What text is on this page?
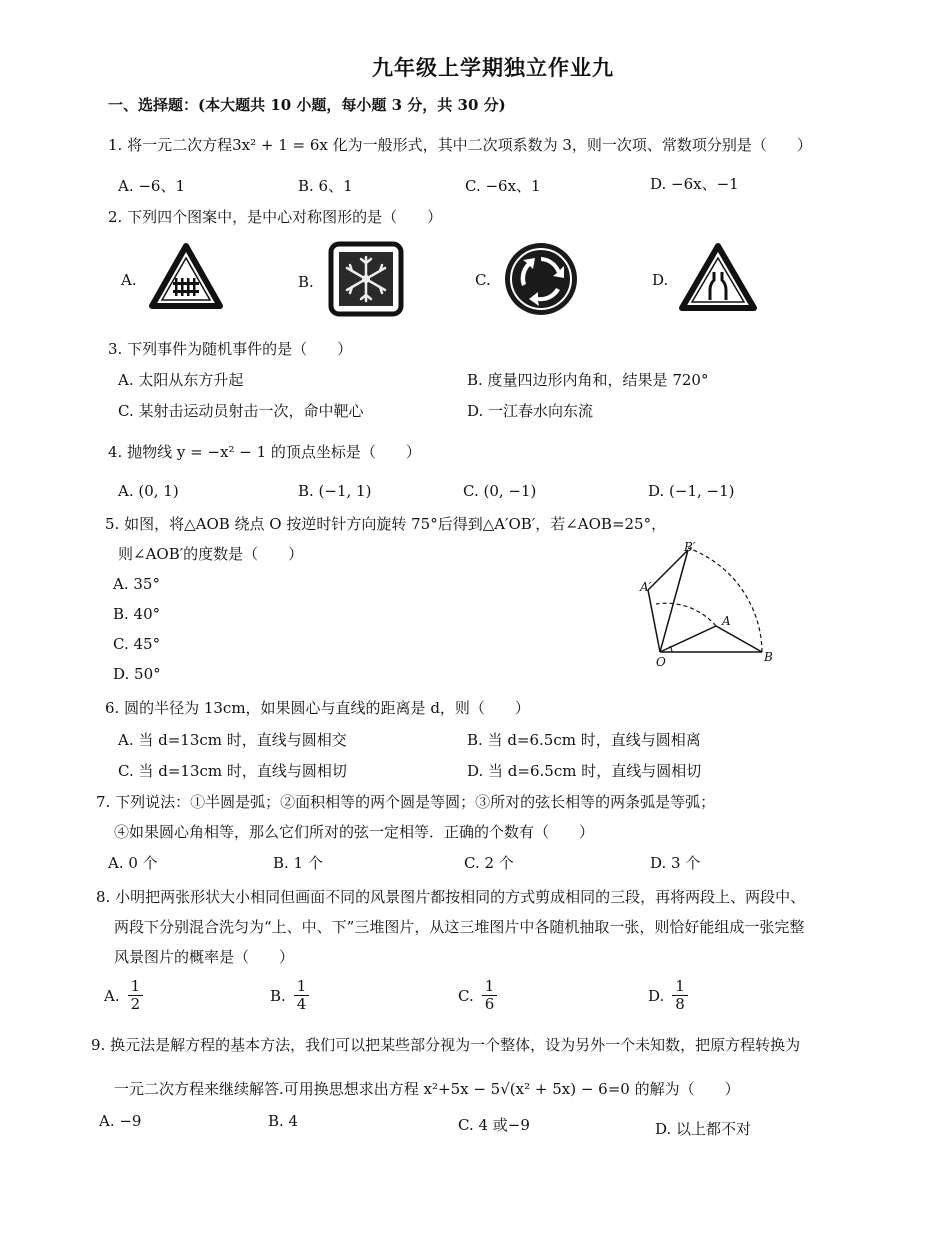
九年级上学期独立作业九
一、选择题：(本大题共 10 小题，每小题 3 分，共 30 分)
1. 将一元二次方程3x² + 1 = 6x 化为一般形式，其中二次项系数为 3，则一次项、常数项分别是（　　）
A. −6、1	B. 6、1	C. −6x、1	D. −6x、−1
2. 下列四个图案中，是中心对称图形的是（　　）
A.	B.	C.	D.
3. 下列事件为随机事件的是（　　）
A. 太阳从东方升起	B. 度量四边形内角和，结果是 720°
C. 某射击运动员射击一次，命中靶心	D. 一江春水向东流
4. 抛物线 y = −x² − 1 的顶点坐标是（　　）
A. (0, 1)	B. (−1, 1)	C. (0, −1)	D. (−1, −1)
5. 如图，将△AOB 绕点 O 按逆时针方向旋转 75°后得到△A′OB′，若∠AOB=25°，
则∠AOB′的度数是（　　）
A. 35°
B. 40°
C. 45°
D. 50°
B′
A′
A
O	B
6. 圆的半径为 13cm，如果圆心与直线的距离是 d，则（　　）
A. 当 d=13cm 时，直线与圆相交	B. 当 d=6.5cm 时，直线与圆相离
C. 当 d=13cm 时，直线与圆相切	D. 当 d=6.5cm 时，直线与圆相切
7. 下列说法：①半圆是弧；②面积相等的两个圆是等圆；③所对的弦长相等的两条弧是等弧；
④如果圆心角相等，那么它们所对的弦一定相等．正确的个数有（　　）
A. 0 个	B. 1 个	C. 2 个	D. 3 个
8. 小明把两张形状大小相同但画面不同的风景图片都按相同的方式剪成相同的三段，再将两段上、两段中、
两段下分别混合洗匀为“上、中、下”三堆图片，从这三堆图片中各随机抽取一张，则恰好能组成一张完整
风景图片的概率是（　　）
A. $\frac{1}{2}$	B. $\frac{1}{4}$	C. $\frac{1}{6}$	D. $\frac{1}{8}$
9. 换元法是解方程的基本方法，我们可以把某些部分视为一个整体，设为另外一个未知数，把原方程转换为
一元二次方程来继续解答.可用换思想求出方程 x²+5x − 5√(x² + 5x) − 6=0 的解为（　　）
A. −9	B. 4	C. 4 或−9	D. 以上都不对
